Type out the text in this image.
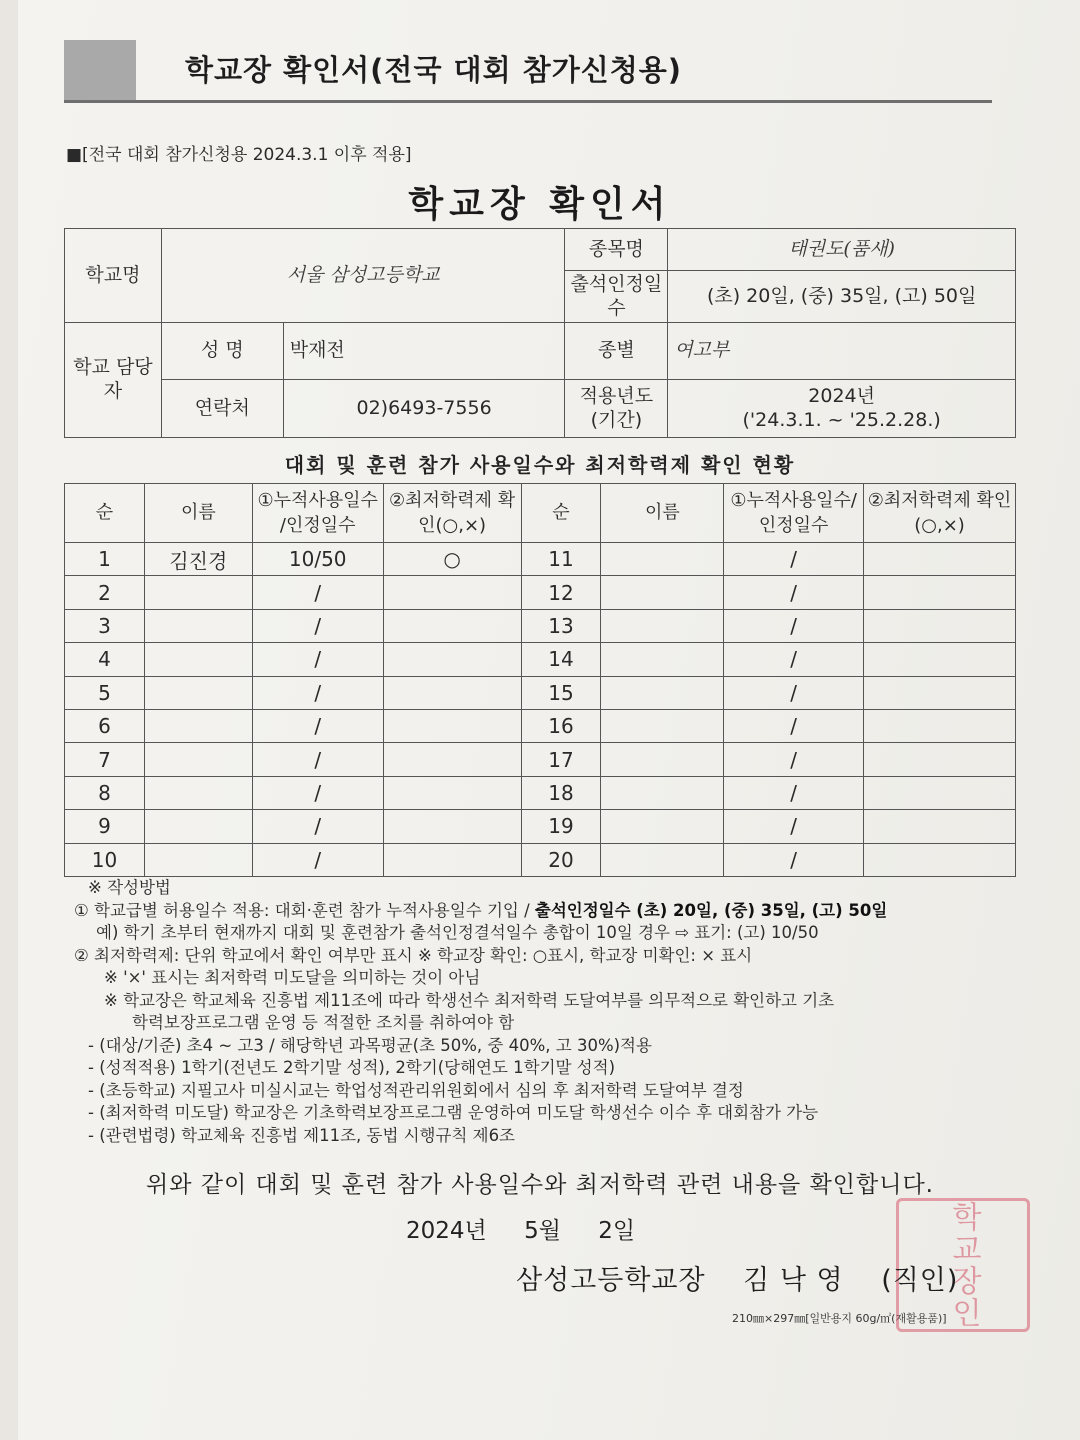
학교장 확인서(전국 대회 참가신청용)
■[전국 대회 참가신청용 2024.3.1 이후 적용]
학교장 확인서
학교명	서울 삼성고등학교		종목명	태권도(품새)
			출석인정일수	(초) 20일, (중) 35일, (고) 50일
학교 담당자	성 명	박재전	종별	여고부
	연락처	02)6493-7556	적용년도 (기간)	2024년
('24.3.1. ~ '25.2.28.)
대회 및 훈련 참가 사용일수와 최저학력제 확인 현황
순	이름	①누적사용일수 /인정일수	②최저학력제 확인(○,×)	순	이름	①누적사용일수/ 인정일수	②최저학력제 확인(○,×)
1	김진경	10/50	○	11		/	
2		/		12		/	
3		/		13		/	
4		/		14		/	
5		/		15		/	
6		/		16		/	
7		/		17		/	
8		/		18		/	
9		/		19		/	
10		/		20		/	
※ 작성방법
① 학교급별 허용일수 적용: 대회·훈련 참가 누적사용일수 기입 / 출석인정일수 (초) 20일, (중) 35일, (고) 50일
예) 학기 초부터 현재까지 대회 및 훈련참가 출석인정결석일수 총합이 10일 경우 ⇨ 표기: (고) 10/50
② 최저학력제: 단위 학교에서 확인 여부만 표시 ※ 학교장 확인: ○표시, 학교장 미확인: × 표시
※ '×' 표시는 최저학력 미도달을 의미하는 것이 아님
※ 학교장은 학교체육 진흥법 제11조에 따라 학생선수 최저학력 도달여부를 의무적으로 확인하고 기초
학력보장프로그램 운영 등 적절한 조치를 취하여야 함
- (대상/기준) 초4 ~ 고3 / 해당학년 과목평균(초 50%, 중 40%, 고 30%)적용
- (성적적용) 1학기(전년도 2학기말 성적), 2학기(당해연도 1학기말 성적)
- (초등학교) 지필고사 미실시교는 학업성적관리위원회에서 심의 후 최저학력 도달여부 결정
- (최저학력 미도달) 학교장은 기초학력보장프로그램 운영하여 미도달 학생선수 이수 후 대회참가 가능
- (관련법령) 학교체육 진흥법 제11조, 동법 시행규칙 제6조
위와 같이 대회 및 훈련 참가 사용일수와 최저학력 관련 내용을 확인합니다.
2024년 5월 2일	학교장인
삼성고등학교장 김 낙 영 (직인)
210㎜×297㎜[일반용지 60g/㎡(재활용품)]
